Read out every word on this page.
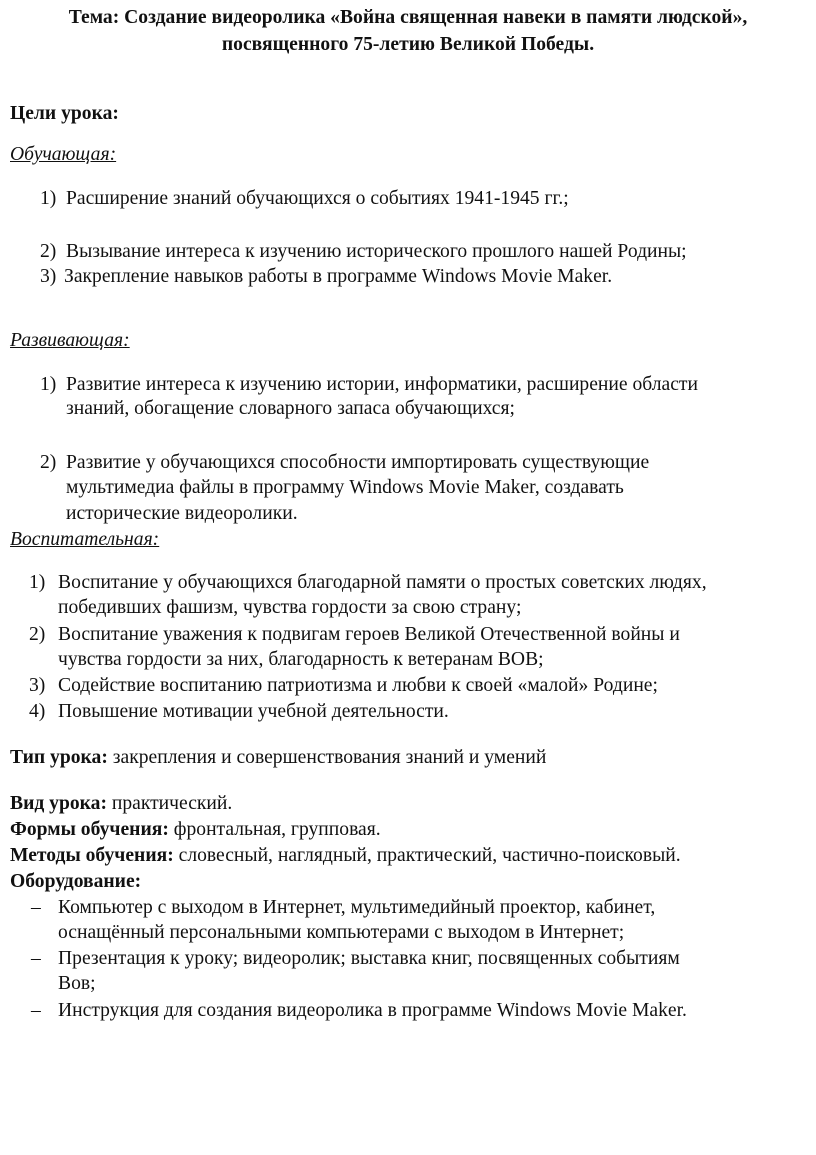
Тема: Создание видеоролика «Война священная навеки в памяти людской»,
посвященного 75-летию Великой Победы.
Цели урока:
Обучающая:
1) Расширение знаний обучающихся о событиях 1941-1945 гг.;
2) Вызывание интереса к изучению исторического прошлого нашей Родины;
3) Закрепление навыков работы в программе Windows Movie Maker.
Развивающая:
1) Развитие интереса к изучению истории, информатики, расширение области
знаний, обогащение словарного запаса обучающихся;
2) Развитие у обучающихся способности импортировать существующие
мультимедиа файлы в программу Windows Movie Maker, создавать
исторические видеоролики.
Воспитательная:
1) Воспитание у обучающихся благодарной памяти о простых советских людях,
победивших фашизм, чувства гордости за свою страну;
2) Воспитание уважения к подвигам героев Великой Отечественной войны и
чувства гордости за них, благодарность к ветеранам ВОВ;
3) Содействие воспитанию патриотизма и любви к своей «малой» Родине;
4) Повышение мотивации учебной деятельности.
Тип урока: закрепления и совершенствования знаний и умений
Вид урока: практический.
Формы обучения: фронтальная, групповая.
Методы обучения: словесный, наглядный, практический, частично-поисковый.
Оборудование:
– Компьютер с выходом в Интернет, мультимедийный проектор, кабинет,
оснащённый персональными компьютерами с выходом в Интернет;
– Презентация к уроку; видеоролик; выставка книг, посвященных событиям
Вов;
– Инструкция для создания видеоролика в программе Windows Movie Maker.
